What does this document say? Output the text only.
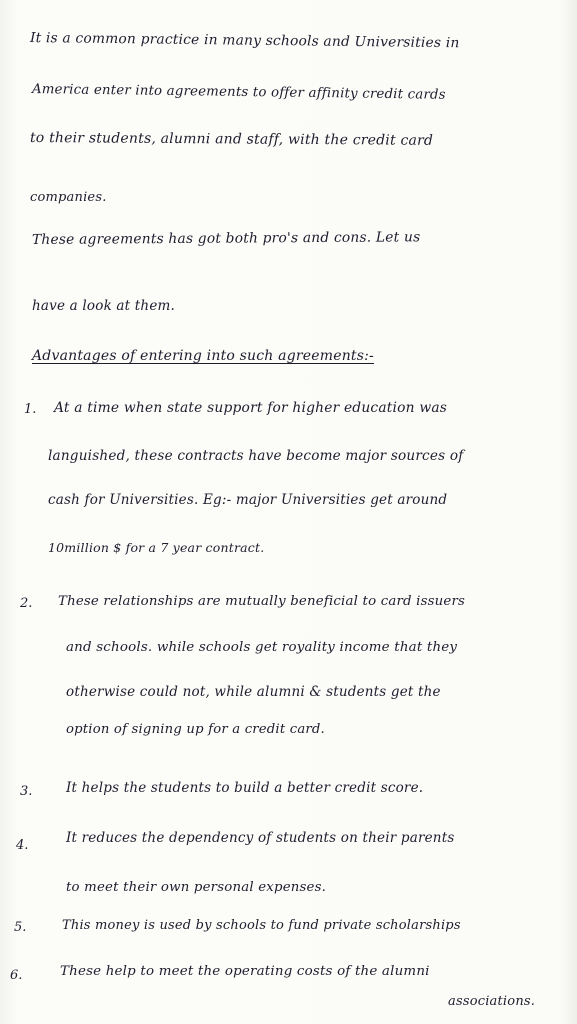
It is a common practice in many schools and Universities in
America enter into agreements to offer affinity credit cards
to their students, alumni and staff, with the credit card
companies.
These agreements has got both pro's and cons. Let us
have a look at them.
Advantages of entering into such agreements:-
1. At a time when state support for higher education was
languished, these contracts have become major sources of
cash for Universities. Eg:- major Universities get around
10million $ for a 7 year contract.
2. These relationships are mutually beneficial to card issuers
and schools. while schools get royality income that they
otherwise could not, while alumni & students get the
option of signing up for a credit card.
3. It helps the students to build a better credit score.
4.	It reduces the dependency of students on their parents
to meet their own personal expenses.
5.	This money is used by schools to fund private scholarships
6.	These help to meet the operating costs of the alumni
associations.
